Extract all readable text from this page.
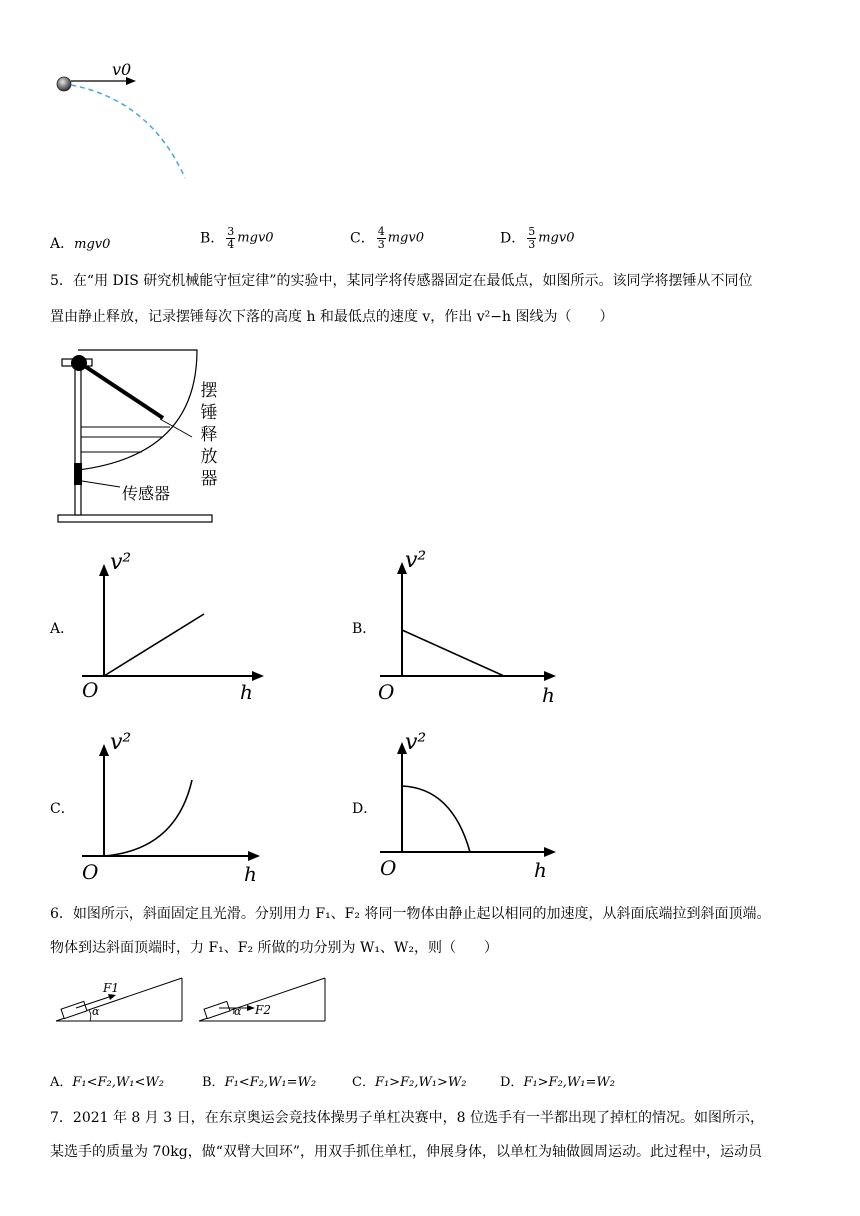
v0
A．mgv0	B． $\frac{3}{4} mgv0$	C． $\frac{4}{3} mgv0$	D． $\frac{5}{3} mgv0$
5．在“用 DIS 研究机械能守恒定律”的实验中，某同学将传感器固定在最低点，如图所示。该同学将摆锤从不同位
置由静止释放，记录摆锤每次下落的高度 h 和最低点的速度 v，作出 v²−h 图线为（　　）
摆
锤
释
放
器
传感器
A．
v²
h
O
B．
v²
h
O
C．
v²
h
O
D．
v²
h
O
6．如图所示，斜面固定且光滑。分别用力 F₁、F₂ 将同一物体由静止起以相同的加速度，从斜面底端拉到斜面顶端。
物体到达斜面顶端时，力 F₁、F₂ 所做的功分别为 W₁、W₂，则（　　）
F1
α	F2
α
A．F₁<F₂,W₁<W₂	B．F₁<F₂,W₁=W₂	C．F₁>F₂,W₁>W₂	D．F₁>F₂,W₁=W₂
7．2021 年 8 月 3 日，在东京奥运会竞技体操男子单杠决赛中，8 位选手有一半都出现了掉杠的情况。如图所示，
某选手的质量为 70kg，做“双臂大回环”，用双手抓住单杠，伸展身体，以单杠为轴做圆周运动。此过程中，运动员
